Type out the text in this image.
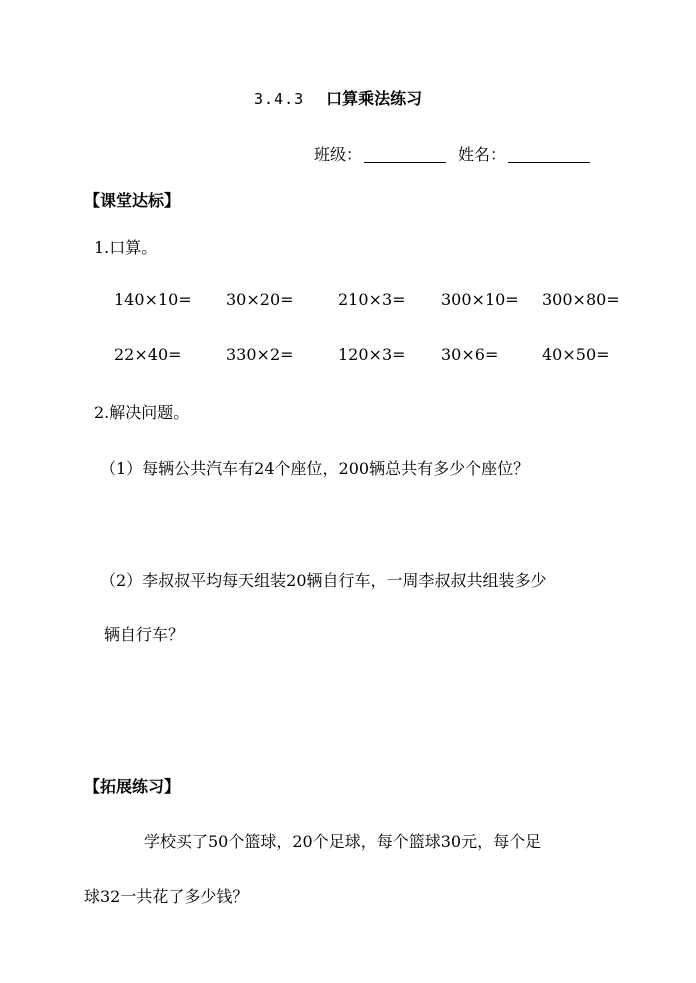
3.4.3 口算乘法练习
班级：	姓名：
【课堂达标】
1.口算。
140×10= 30×20=	210×3= 300×10= 300×80=
22×40=	330×2=	120×3= 30×6=	40×50=
2.解决问题。
（1）每辆公共汽车有24个座位，200辆总共有多少个座位？
（2）李叔叔平均每天组装20辆自行车，一周李叔叔共组装多少
辆自行车？
【拓展练习】
学校买了50个篮球，20个足球，每个篮球30元，每个足
球32一共花了多少钱？
